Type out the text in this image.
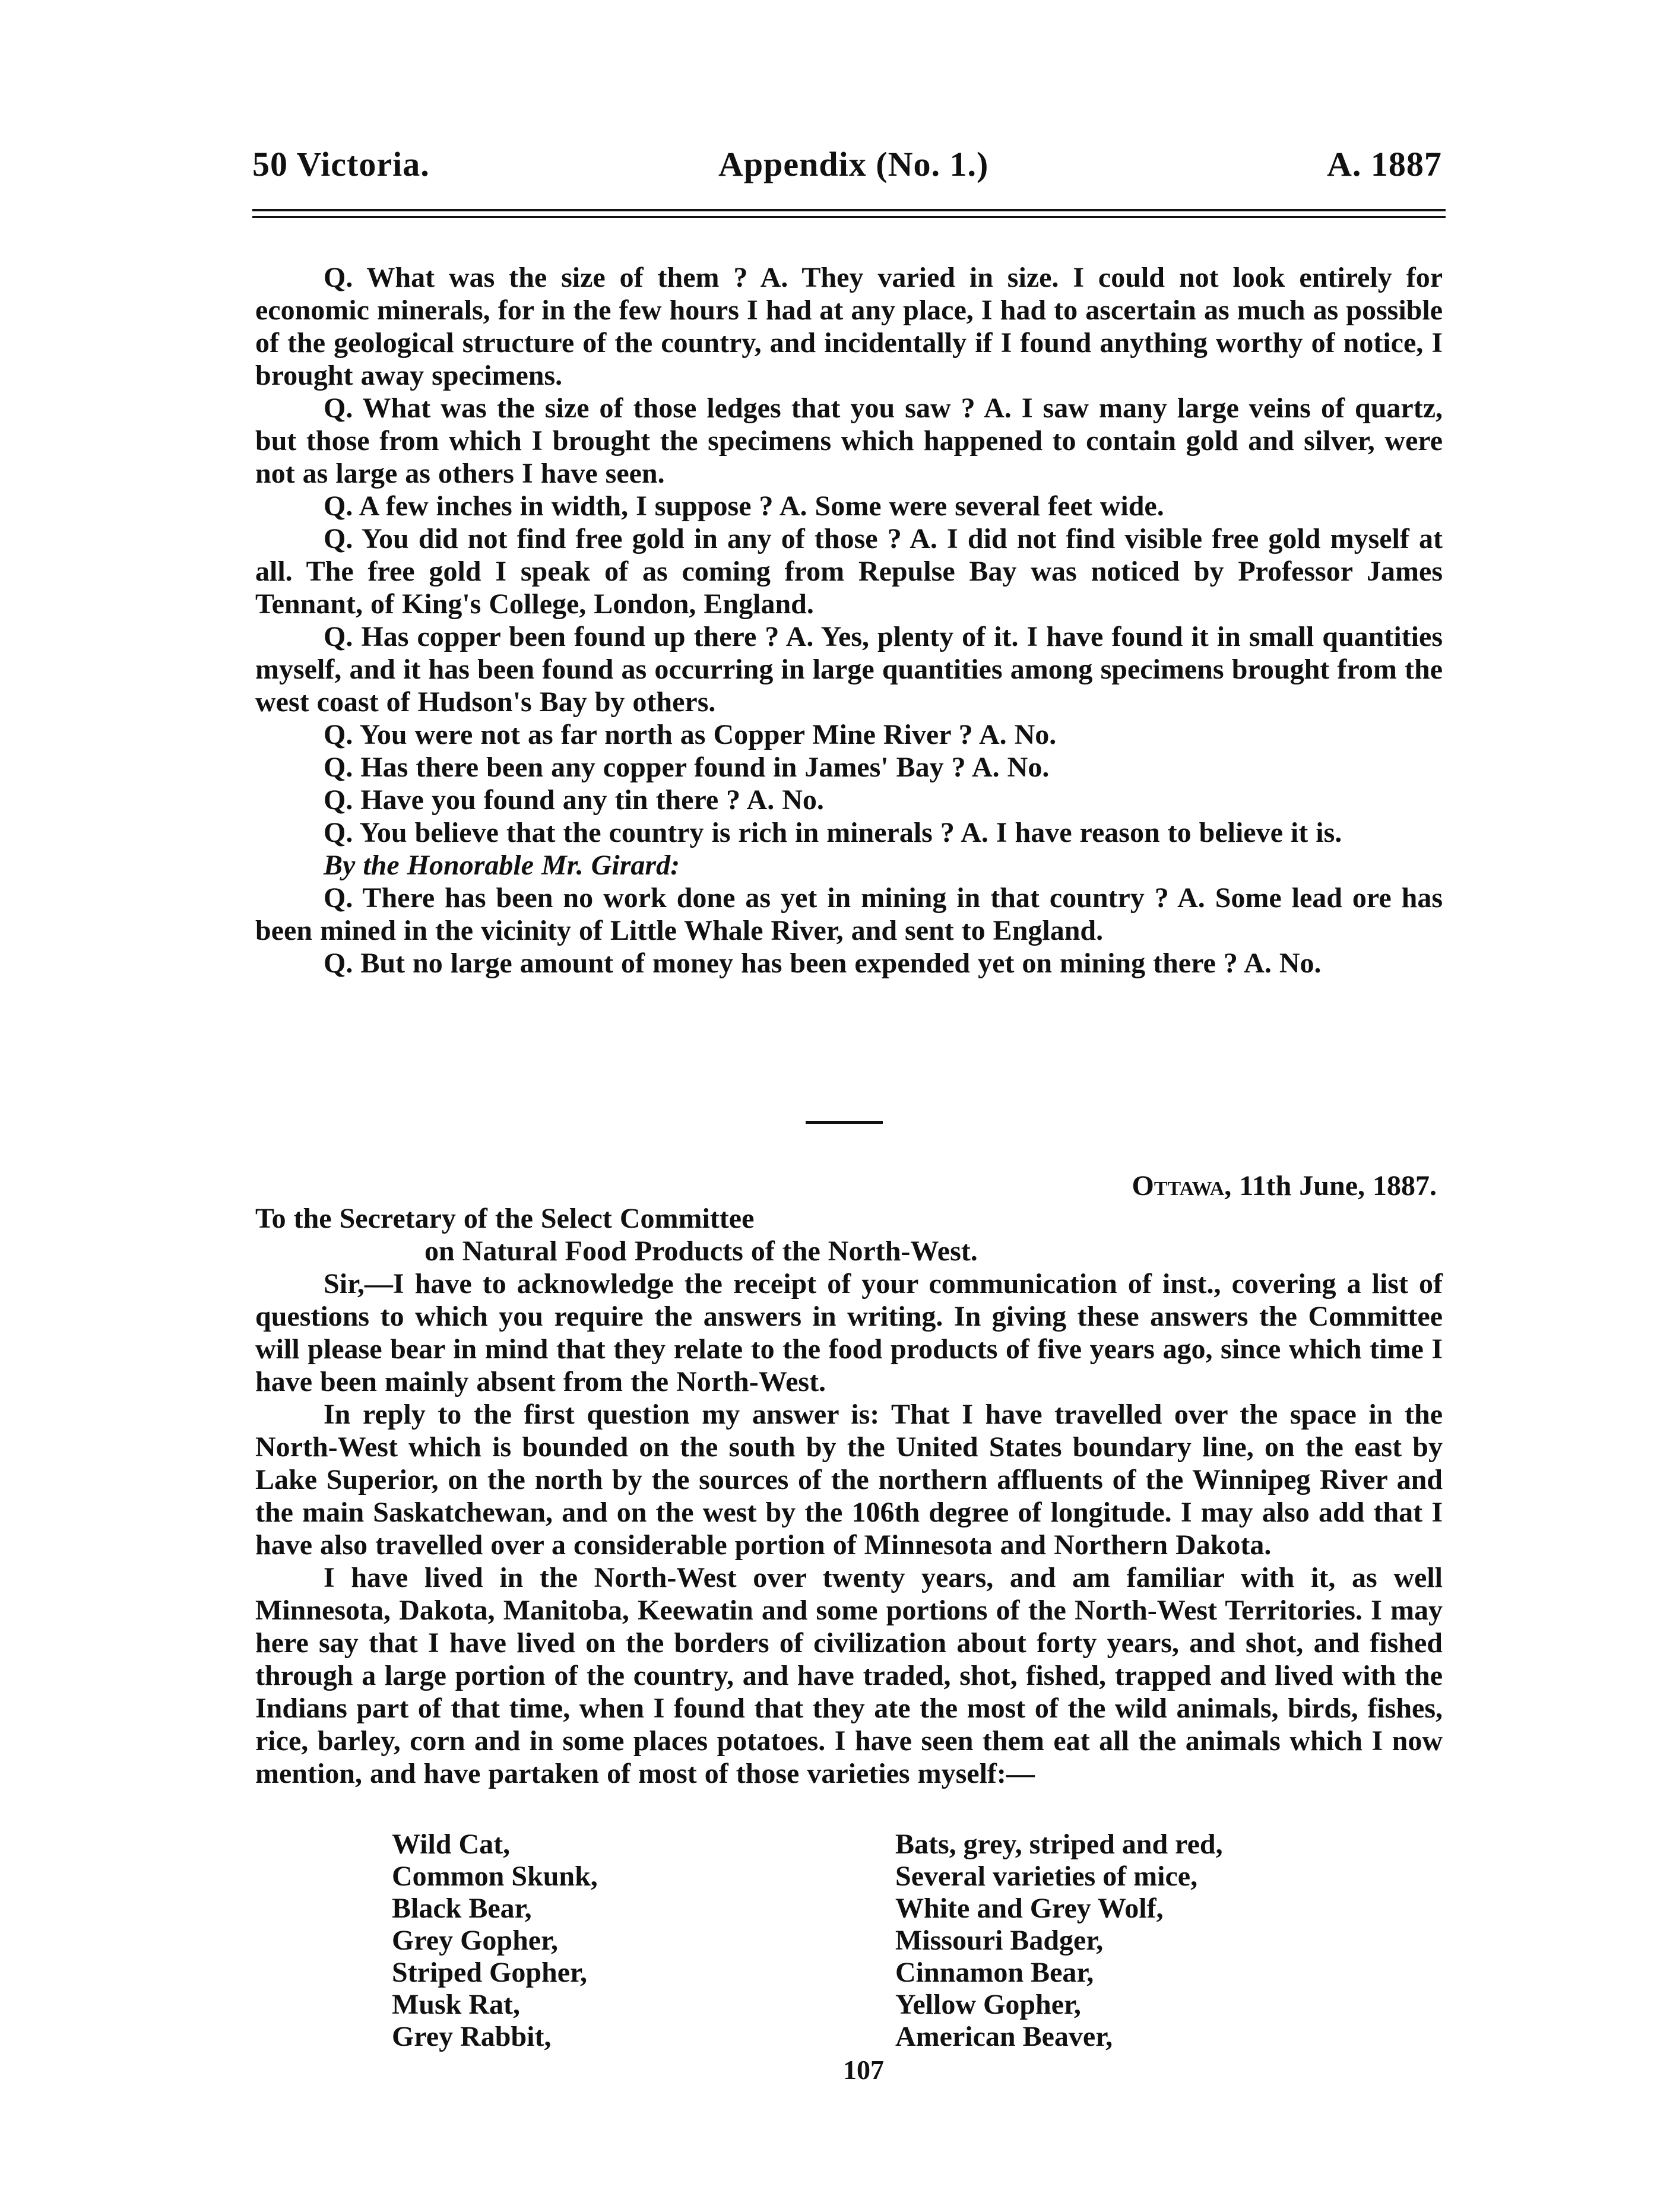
50 Victoria.	Appendix (No. 1.)	A. 1887

Q. What was the size of them ? A. They varied in size. I could not look entirely for economic minerals, for in the few hours I had at any place, I had to ascertain as much as possible of the geological structure of the country, and incidentally if I found anything worthy of notice, I brought away specimens.

Q. What was the size of those ledges that you saw ? A. I saw many large veins of quartz, but those from which I brought the specimens which happened to contain gold and silver, were not as large as others I have seen.

Q. A few inches in width, I suppose ? A. Some were several feet wide.

Q. You did not find free gold in any of those ? A. I did not find visible free gold myself at all. The free gold I speak of as coming from Repulse Bay was noticed by Professor James Tennant, of King's College, London, England.

Q. Has copper been found up there ? A. Yes, plenty of it. I have found it in small quantities myself, and it has been found as occurring in large quantities among specimens brought from the west coast of Hudson's Bay by others.

Q. You were not as far north as Copper Mine River ? A. No.

Q. Has there been any copper found in James' Bay ? A. No.

Q. Have you found any tin there ? A. No.

Q. You believe that the country is rich in minerals ? A. I have reason to believe it is.

By the Honorable Mr. Girard:

Q. There has been no work done as yet in mining in that country ? A. Some lead ore has been mined in the vicinity of Little Whale River, and sent to England.

Q. But no large amount of money has been expended yet on mining there ? A. No.

Ottawa, 11th June, 1887.

To the Secretary of the Select Committee

on Natural Food Products of the North-West.

Sir,—I have to acknowledge the receipt of your communication of inst., covering a list of questions to which you require the answers in writing. In giving these answers the Committee will please bear in mind that they relate to the food products of five years ago, since which time I have been mainly absent from the North-West.

In reply to the first question my answer is: That I have travelled over the space in the North-West which is bounded on the south by the United States boundary line, on the east by Lake Superior, on the north by the sources of the northern affluents of the Winnipeg River and the main Saskatchewan, and on the west by the 106th degree of longitude. I may also add that I have also travelled over a considerable portion of Minnesota and Northern Dakota.

I have lived in the North-West over twenty years, and am familiar with it, as well Minnesota, Dakota, Manitoba, Keewatin and some portions of the North-West Territories. I may here say that I have lived on the borders of civilization about forty years, and shot, and fished through a large portion of the country, and have traded, shot, fished, trapped and lived with the Indians part of that time, when I found that they ate the most of the wild animals, birds, fishes, rice, barley, corn and in some places potatoes. I have seen them eat all the animals which I now mention, and have partaken of most of those varieties myself:—

Wild Cat,
Common Skunk,
Black Bear,
Grey Gopher,
Striped Gopher,
Musk Rat,
Grey Rabbit,
Bats, grey, striped and red,
Several varieties of mice,
White and Grey Wolf,
Missouri Badger,
Cinnamon Bear,
Yellow Gopher,
American Beaver,
107
